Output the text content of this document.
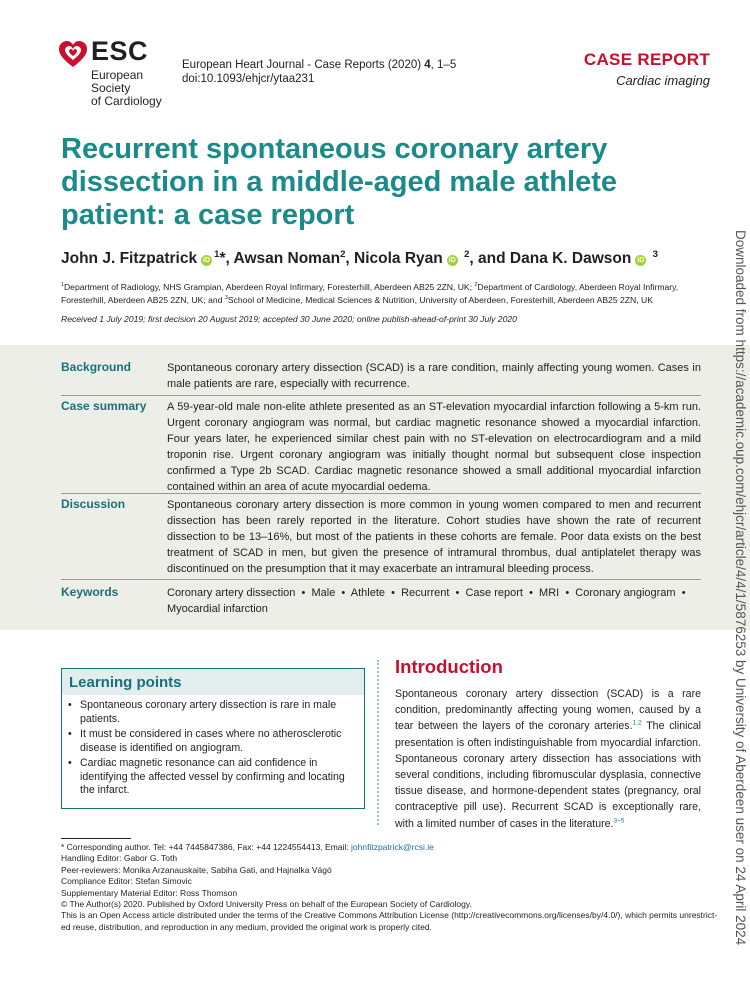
ESC
European Society
of Cardiology
European Heart Journal - Case Reports (2020) 4, 1–5
doi:10.1093/ehjcr/ytaa231
CASE REPORT
Cardiac imaging
Recurrent spontaneous coronary artery dissection in a middle-aged male athlete patient: a case report
John J. Fitzpatrick $iD^1*$, Awsan Noman$^2$, Nicola Ryan iD $^2$, and Dana K. Dawson iD $^3$
$^1$Department of Radiology, NHS Grampian, Aberdeen Royal Infirmary, Foresterhill, Aberdeen AB25 2ZN, UK; $^2$Department of Cardiology, Aberdeen Royal Infirmary,
Foresterhill, Aberdeen AB25 2ZN, UK; and $^3$School of Medicine, Medical Sciences & Nutrition, University of Aberdeen, Foresterhill, Aberdeen AB25 2ZN, UK
Received 1 July 2019; first decision 20 August 2019; accepted 30 June 2020; online publish-ahead-of-print 30 July 2020
Background	Spontaneous coronary artery dissection (SCAD) is a rare condition, mainly affecting young women. Cases in male patients are rare, especially with recurrence.
Case summary	A 59-year-old male non-elite athlete presented as an ST-elevation myocardial infarction following a 5-km run. Urgent coronary angiogram was normal, but cardiac magnetic resonance showed a myocardial infarction. Four years later, he experienced similar chest pain with no ST-elevation on electrocardiogram and a mild troponin rise. Urgent coronary angiogram was initially thought normal but subsequent close inspection confirmed a Type 2b SCAD. Cardiac magnetic resonance showed a small additional myocardial infarction contained within an area of acute myocardial oedema.
Discussion	Spontaneous coronary artery dissection is more common in young women compared to men and recurrent dissection has been rarely reported in the literature. Cohort studies have shown the rate of recurrent dissection to be 13–16%, but most of the patients in these cohorts are female. Poor data exists on the best treatment of SCAD in men, but given the presence of intramural thrombus, dual antiplatelet therapy was discontinued on the presumption that it may exacerbate an intramural bleeding process.
Keywords	Coronary artery dissection  •  Male  •  Athlete  •  Recurrent  •  Case report  •  MRI  •  Coronary angiogram  •  Myocardial infarction
Learning points
• Spontaneous coronary artery dissection is rare in male patients.
• It must be considered in cases where no atherosclerotic disease is identified on angiogram.
• Cardiac magnetic resonance can aid confidence in identifying the affected vessel by confirming and locating the infarct.
Introduction
Spontaneous coronary artery dissection (SCAD) is a rare condition, predominantly affecting young women, caused by a tear between the layers of the coronary arteries.$^{1,2}$ The clinical presentation is often indistinguishable from myocardial infarction. Spontaneous coronary artery dissection has associations with several conditions, including fibromuscular dysplasia, connective tissue disease, and hormone-dependent states (pregnancy, oral contraceptive pill use). Recurrent SCAD is exceptionally rare, with a limited number of cases in the literature.$^{3-5}$
* Corresponding author. Tel: +44 7445847386, Fax: +44 1224554413, Email: johnfitzpatrick@rcsi.ie
Handling Editor: Gabor G. Toth
Peer-reviewers: Monika Arzanauskaite, Sabiha Gati, and Hajnalka Vágó
Compliance Editor: Stefan Simovic
Supplementary Material Editor: Ross Thomson
© The Author(s) 2020. Published by Oxford University Press on behalf of the European Society of Cardiology.
This is an Open Access article distributed under the terms of the Creative Commons Attribution License (http://creativecommons.org/licenses/by/4.0/), which permits unrestrict-
ed reuse, distribution, and reproduction in any medium, provided the original work is properly cited.	Downloaded from https://academic.oup.com/ehjcr/article/4/4/1/5876253 by University of Aberdeen user on 24 April 2024
